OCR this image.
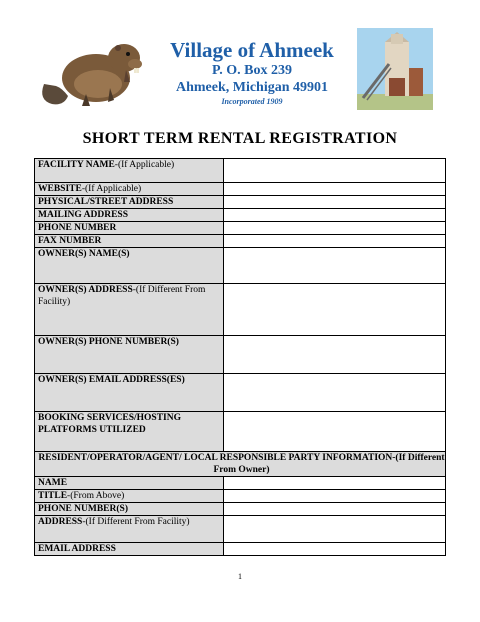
Village of Ahmeek
P. O. Box 239
Ahmeek, Michigan 49901
Incorporated 1909
SHORT TERM RENTAL REGISTRATION
FACILITY NAME-(If Applicable)	
WEBSITE-(If Applicable)	
PHYSICAL/STREET ADDRESS	
MAILING ADDRESS	
PHONE NUMBER	
FAX NUMBER	
OWNER(S) NAME(S)	
OWNER(S) ADDRESS-(If Different From Facility)	
OWNER(S) PHONE NUMBER(S)	
OWNER(S) EMAIL ADDRESS(ES)	
BOOKING SERVICES/HOSTING PLATFORMS UTILIZED	
RESIDENT/OPERATOR/AGENT/ LOCAL RESPONSIBLE PARTY INFORMATION-(If Different From Owner)	
NAME	
TITLE-(From Above)	
PHONE NUMBER(S)	
ADDRESS-(If Different From Facility)	
EMAIL ADDRESS	
1
